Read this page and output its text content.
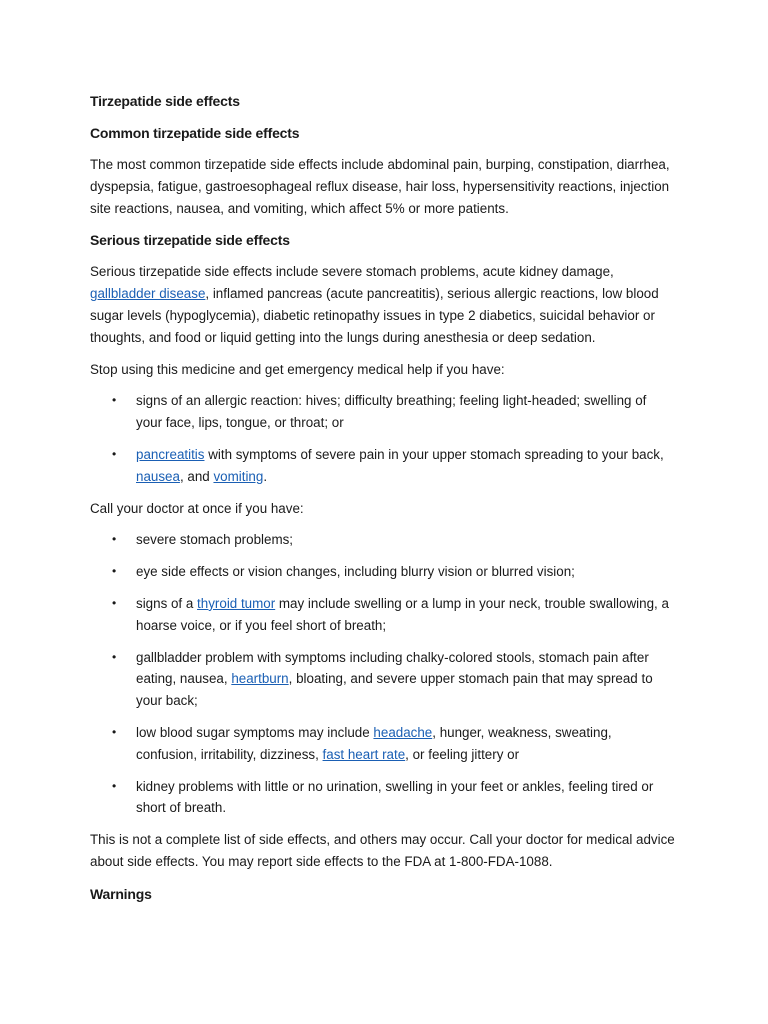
Tirzepatide side effects
Common tirzepatide side effects

The most common tirzepatide side effects include abdominal pain, burping, constipation, diarrhea, dyspepsia, fatigue, gastroesophageal reflux disease, hair loss, hypersensitivity reactions, injection site reactions, nausea, and vomiting, which affect 5% or more patients.

Serious tirzepatide side effects

Serious tirzepatide side effects include severe stomach problems, acute kidney damage, gallbladder disease, inflamed pancreas (acute pancreatitis), serious allergic reactions, low blood sugar levels (hypoglycemia), diabetic retinopathy issues in type 2 diabetics, suicidal behavior or thoughts, and food or liquid getting into the lungs during anesthesia or deep sedation.

Stop using this medicine and get emergency medical help if you have:

• signs of an allergic reaction: hives; difficulty breathing; feeling light-headed; swelling of your face, lips, tongue, or throat; or
• pancreatitis with symptoms of severe pain in your upper stomach spreading to your back, nausea, and vomiting.

Call your doctor at once if you have:

• severe stomach problems;
• eye side effects or vision changes, including blurry vision or blurred vision;
• signs of a thyroid tumor may include swelling or a lump in your neck, trouble swallowing, a hoarse voice, or if you feel short of breath;
• gallbladder problem with symptoms including chalky-colored stools, stomach pain after eating, nausea, heartburn, bloating, and severe upper stomach pain that may spread to your back;
• low blood sugar symptoms may include headache, hunger, weakness, sweating, confusion, irritability, dizziness, fast heart rate, or feeling jittery or
• kidney problems with little or no urination, swelling in your feet or ankles, feeling tired or short of breath.

This is not a complete list of side effects, and others may occur. Call your doctor for medical advice about side effects. You may report side effects to the FDA at 1-800-FDA-1088.

Warnings
